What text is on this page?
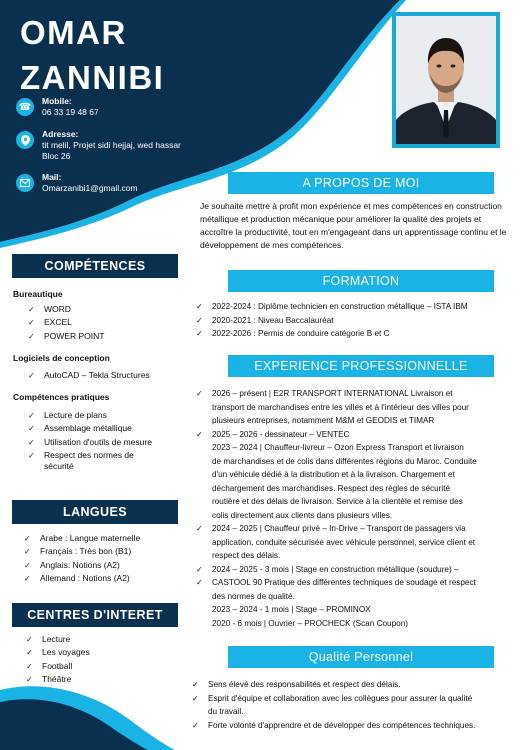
OMAR
ZANNIBI
☎
Mobile:
06 33 19 48 67
Adresse:
tit melil, Projet sidi hejjaj, wed hassar
Bloc 26
Mail:
Omarzanibi1@gmail.com	A PROPOS DE MOI
Je souhaite mettre à profit mon expérience et mes compétences en construction métallique et production mécanique pour améliorer la qualité des projets et accroître la productivité, tout en m'engageant dans un apprentissage continu et le développement de mes compétences.
COMPÉTENCES
Bureautique
✓	WORD
✓	EXCEL
✓	POWER POINT
Logiciels de conception
✓	AutoCAD – Tekla Structures
Compétences pratiques
✓	Lecture de plans
✓	Assemblage métallique
✓	Utilisation d'outils de mesure
✓	Respect des normes de sécurité
LANGUES
✓	Arabe : Langue maternelle
✓	Français : Très bon (B1)
✓	Anglais: Notions (A2)
✓	Allemand : Notions (A2)
CENTRES D'INTERET
✓	Lecture
✓	Les voyages
✓	Football
✓	Théâtre
FORMATION
✓	2022-2024 : Diplôme technicien en construction métallique – ISTA IBM
✓	2020-2021 : Niveau Baccalauréat
✓	2022-2026 : Permis de conduire catégorie B et C
EXPERIENCE PROFESSIONNELLE
✓	2026 – présent | E2R TRANSPORT INTERNATIONAL Livraison et
transport de marchandises entre les villes et à l'intérieur des villes pour
plusieurs entreprises, notamment M&M et GEODIS et TIMAR
✓	2025 – 2026 - dessinateur – VENTEC
2023 – 2024 | Chauffeur-livreur – Ozon Express Transport et livraison
de marchandises et de colis dans différentes régions du Maroc. Conduite
d'un véhicule dédié à la distribution et à la livraison. Chargement et
déchargement des marchandises. Respect des règles de sécurité
routière et des délais de livraison. Service à la clientèle et remise des
colis directement aux clients dans plusieurs villes.
✓	2024 – 2025 | Chauffeur privé – In-Drive – Transport de passagers via
application, conduite sécurisée avec véhicule personnel, service client et
respect des délais.
✓	2024 – 2025 - 3 mois | Stage en construction métallique (soudure) –
✓	CASTOOL 90 Pratique des différentes techniques de soudage et respect
des normes de qualité.
2023 – 2024 - 1 mois | Stage – PROMINOX
2020 - 6 mois | Ouvrier – PROCHECK (Scan Coupon)
Qualité Personnel
✓	Sens élevé des responsabilités et respect des délais.
✓	Esprit d'équipe et collaboration avec les collègues pour assurer la qualité
du travail.
✓	Forte volonté d'apprendre et de développer des compétences techniques.
